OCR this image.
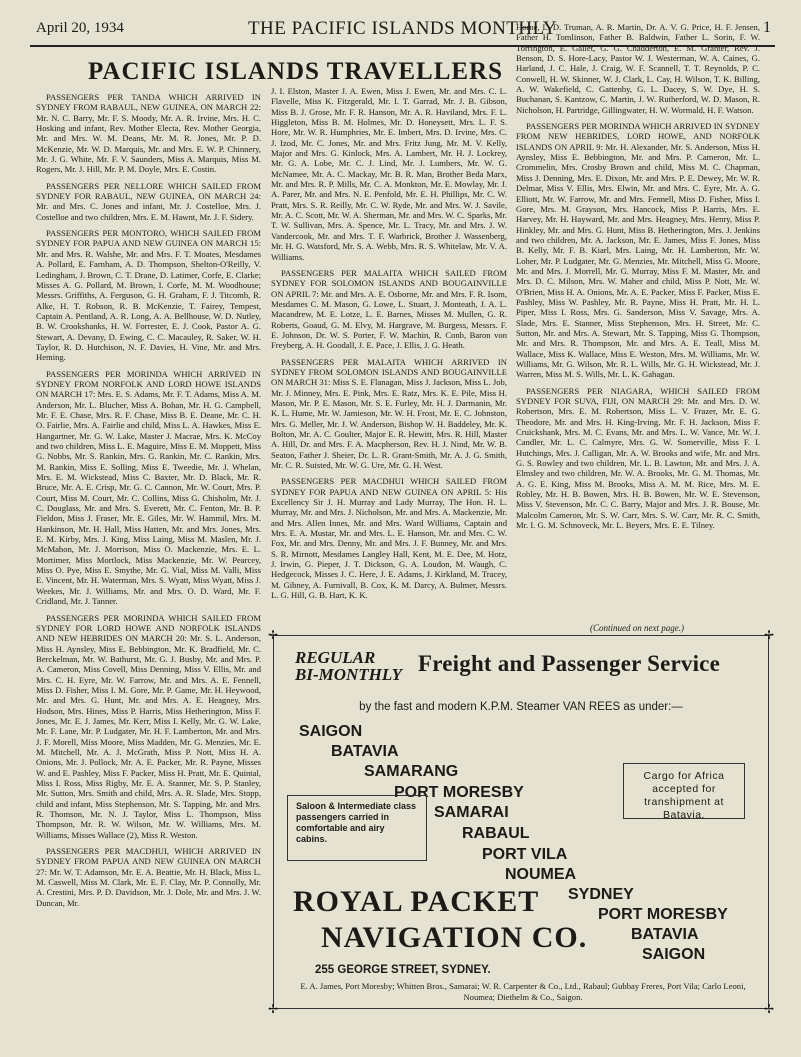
April 20, 1934	THE PACIFIC ISLANDS MONTHLY	1
PACIFIC ISLANDS TRAVELLERS

PASSENGERS PER TANDA WHICH ARRIVED IN SYDNEY FROM RABAUL, NEW GUINEA, ON MARCH 22: Mr. N. C. Barry, Mr. F. S. Moody, Mr. A. R. Irvine, Mrs. H. C. Hosking and infant, Rev. Mother Electa, Rev. Mother Georgia, Mr. and Mrs. W. M. Deans, Mr. M. R. Jones, Mr. P. D. McKenzie, Mr. W. D. Marquis, Mr. and Mrs. E. W. P. Chinnery, Mr. J. G. White, Mr. F. V. Saunders, Miss A. Marquis, Miss M. Rogers, Mr. J. Hill, Mr. P. M. Doyle, Mrs. E. Costin.

PASSENGERS PER NELLORE WHICH SAILED FROM SYDNEY FOR RABAUL, NEW GUINEA, ON MARCH 24: Mr. and Mrs. C. Jones and infant, Mr. J. Costelloe, Mrs. J. Costelloe and two children, Mrs. E. M. Hawnt, Mr. J. F. Sidery.

PASSENGERS PER MONTORO, WHICH SAILED FROM SYDNEY FOR PAPUA AND NEW GUINEA ON MARCH 15: Mr. and Mrs. R. Walshe, Mr. and Mrs. F. T. Moates, Mesdames A. Pollard, E. Farnham, A. D. Thompson, Shelton-O'Reilly, V. Ledingham, J. Brown, C. T. Drane, D. Latimer, Corfe, E. Clarke; Misses A. G. Pollard, M. Brown, I. Corfe, M. M. Woodhouse; Messrs. Griffiths, A. Ferguson, G. H. Graham, F. J. Titcomb, R. Alke, H. T. Robson, R. B. McKenzie, T. Fairey, Tempest, Captain A. Pentland, A. R. Long, A. A. Bellhouse, W. D. Nutley, B. W. Crookshanks, H. W. Forrester, E. J. Cook, Pastor A. G. Stewart, A. Devany, D. Ewing, C. C. Macauley, R. Saker, W. H. Taylor, R. D. Hutchison, N. F. Davies, H. Vine, Mr. and Mrs. Heming.

PASSENGERS PER MORINDA WHICH ARRIVED IN SYDNEY FROM NORFOLK AND LORD HOWE ISLANDS ON MARCH 17: Mrs. E. S. Adams, Mr. F. T. Adams, Miss A. M. Anderson, Mr. L. Blucher, Miss A. Bohan, Mr. H. G. Campbell, Mr. F. E. Chase, Mrs. R. F. Chase, Miss B. E. Deane, Mr. C. H. O. Fairlie, Mrs. A. Fairlie and child, Miss L. A. Hawkes, Miss E. Hangartner, Mr. G. W. Lake, Master J. Macrae, Mrs. K. McCoy and two children, Miss L. E. Maguire, Miss E. M. Moppett, Miss G. Nobbs, Mr. S. Rankin, Mrs. G. Rankin, Mr. C. Rankin, Mrs. M. Rankin, Miss E. Solling, Miss E. Tweedie, Mr. J. Whelan, Mrs. E. M. Wickstead, Miss C. Baxter, Mr. D. Black, Mr. R. Bruce, Mr. A. E. Crisp, Mr. G. C. Cannon, Mr. W. Court, Mrs. P. Court, Miss M. Court, Mr. C. Collins, Miss G. Chisholm, Mr. J. C. Douglass, Mr. and Mrs. S. Everett, Mr. C. Fenton, Mr. B. P. Fieldon, Miss J. Fraser, Mr. E. Giles, Mr. W. Hammil, Mrs. M. Hankinson, Mr. H. Hall, Miss Hatten, Mr. and Mrs. Jones, Mrs. E. M. Kirby, Mrs. J. King, Miss Laing, Miss M. Maslen, Mr. J. McMahon, Mr. J. Morrison, Miss O. Mackenzie, Mrs. E. L. Mortimer, Miss Mortlock, Miss Mackenzie, Mr. W. Pearcey, Miss O. Pye, Miss E. Smythe, Mr. G. Vial, Miss M. Valli, Miss E. Vincent, Mr. H. Waterman, Mrs. S. Wyatt, Miss Wyatt, Miss J. Weekes, Mr. J. Williams, Mr. and Mrs. O. D. Ward, Mr. F. Cridland, Mr. J. Tanner.

PASSENGERS PER MORINDA WHICH SAILED FROM SYDNEY FOR LORD HOWE AND NORFOLK ISLANDS AND NEW HEBRIDES ON MARCH 20: Mr. S. L. Anderson, Miss H. Aynsley, Miss E. Bebbington, Mr. K. Bradfield, Mr. C. Berckelman, Mr. W. Bathurst, Mr. G. J. Busby, Mr. and Mrs. P. A. Cameron, Miss Covell, Miss Denning, Miss V. Ellis, Mr. and Mrs. C. H. Eyre, Mr. W. Farrow, Mr. and Mrs. A. E. Fennell, Miss D. Fisher, Miss I. M. Gore, Mr. P. Game, Mr. H. Heywood, Mr. and Mrs. G. Hunt, Mr. and Mrs. A. E. Heagney, Mrs. Hodson, Mrs. Hines, Miss P. Harris, Miss Hetherington, Miss F. Jones, Mr. E. J. James, Mr. Kerr, Miss I. Kelly, Mr. G. W. Lake, Mr. F. Lane, Mr. P. Ludgater, Mr. H. F. Lamberton, Mr. and Mrs. J. F. Morell, Miss Moore, Miss Madden, Mr. G. Menzies, Mr. E. M. Mitchell, Mr. A. J. McGrath, Miss P. Nott, Miss H. A. Onions, Mr. J. Pollock, Mr. A. E. Packer, Mr. R. Payne, Misses W. and E. Pashley, Miss F. Packer, Miss H. Pratt, Mr. E. Quintal, Miss I. Ross, Miss Rigby, Mr. E. A. Stanner, Mr. S. P. Stanley, Mr. Sutton, Mrs. Smith and child, Mrs. A. R. Slade, Mrs. Stopp, child and infant, Miss Stephenson, Mr. S. Tapping, Mr. and Mrs. R. Thomson, Mr. N. J. Taylor, Miss L. Thompson, Miss Thompson, Mr. R. W. Wilson, Mr. W. Williams, Mrs. M. Williams, Misses Wallace (2), Miss R. Weston.

PASSENGERS PER MACDHUI, WHICH ARRIVED IN SYDNEY FROM PAPUA AND NEW GUINEA ON MARCH 27: Mr. W. T. Adamson, Mr. E. A. Beattie, Mr. H. Black, Miss L. M. Caswell, Miss M. Clark, Mr. E. F. Clay, Mr. P. Connolly, Mr. A. Crestini, Mrs. P. D. Davidson, Mr. J. Dole, Mr. and Mrs. J. W. Duncan, Mr.

J. I. Elston, Master J. A. Ewen, Miss J. Ewen, Mr. and Mrs. C. L. Flavelle, Miss K. Fitzgerald, Mr. I. T. Garrad, Mr. J. B. Gibson, Miss B. J. Grose, Mr. F. R. Hanson, Mr. A. R. Haviland, Mrs. F. L. Higgleton, Miss B. M. Holmes, Mr. D. Honeysett, Mrs. L. F. S. Hore, Mr. W. R. Humphries, Mr. E. Imbert, Mrs. D. Irvine, Mrs. C. J. Izod, Mr. C. Jones, Mr. and Mrs. Fritz Jung, Mr. M. V. Kelly, Major and Mrs. G. Kinlock, Mrs. A. Lambert, Mr. H. J. Lockrey, Mr. G. A. Lobe, Mr. C. J. Lind, Mr. J. Lumbers, Mr. W. G. McNamee, Mr. A. C. Mackay, Mr. B. R. Man, Brother Beda Marx, Mr. and Mrs. R. P. Mills, Mr. C. A. Monkton, Mr. E. Mowlay, Mr. J. A. Parer, Mr. and Mrs. N. E. Penfold, Mr. E. H. Phillips, Mr. C. W. Pratt, Mrs. S. R. Reilly, Mr. C. W. Ryde, Mr. and Mrs. W. J. Savile, Mr. A. C. Scott, Mr. W. A. Sherman, Mr. and Mrs. W. C. Sparks, Mr. T. W. Sullivan, Mrs. A. Spence, Mr. L. Tracy, Mr. and Mrs. J. W. Vandercook, Mr. and Mrs. T. F. Warbrick, Brother J. Wassenberg, Mr. H. G. Watsford, Mr. S. A. Webb, Mrs. R. S. Whitelaw, Mr. V. A. Williams.

PASSENGERS PER MALAITA WHICH SAILED FROM SYDNEY FOR SOLOMON ISLANDS AND BOUGAINVILLE ON APRIL 7: Mr. and Mrs. A. E. Osborne, Mr. and Mrs. F. R. Isom, Mesdames C. M. Mason, G. Lowe, L. Stuart, J. Monteath, J. A. L. Macandrew, M. E. Lotze, L. E. Barnes, Misses M. Mullen, G. R. Roberts, Goaud, G. M. Elvy, M. Hargrave, M. Burgess, Messrs. F. E. Johnson, Dr. W. S. Porter, F. W. Machin, R. Conb, Baron von Freyberg, A. H. Goodall, J. E. Pace, J. Ellis, J. G. Heath.

PASSENGERS PER MALAITA WHICH ARRIVED IN SYDNEY FROM SOLOMON ISLANDS AND BOUGAINVILLE ON MARCH 31: Miss S. E. Flanagan, Miss J. Jackson, Miss L. Job, Mr. J. Minney, Mrs. E. Pink, Mrs. E. Ratz, Mrs. K. E. Pile, Miss H. Mason, Mr. P. E. Mason, Mr. S. E. Furley, Mr. H. J. Darmanin, Mr. K. L. Hume, Mr. W. Jamieson, Mr. W. H. Frost, Mr. E. C. Johnston, Mrs. G. Meller, Mr. J. W. Anderson, Bishop W. H. Baddeley, Mr. K. Bolton, Mr. A. C. Goulter, Major E. R. Hewitt, Mrs. R. Hill, Master A. Hill, Dr. and Mrs. F. A. Macpherson, Rev. H. J. Nind, Mr. W. B. Seaton, Father J. Sheier, Dr. L. R. Grant-Smith, Mr. A. J. G. Smith, Mr. C. R. Suisted, Mr. W. G. Ure, Mr. G. H. West.

PASSENGERS PER MACDHUI WHICH SAILED FROM SYDNEY FOR PAPUA AND NEW GUINEA ON APRIL 5: His Excellency Sir J. H. Murray and Lady Murray, The Hon. H. L. Murray, Mr. and Mrs. J. Nicholson, Mr. and Mrs. A. Mackenzie, Mr. and Mrs. Allen Innes, Mr. and Mrs. Ward Williams, Captain and Mrs. E. A. Mustar, Mr. and Mrs. L. E. Hanson, Mr. and Mrs. C. W. Fox, Mr. and Mrs. Denny, Mr. and Mrs. J. F. Bunney, Mr. and Mrs. S. R. Mirnott, Mesdames Langley Hall, Kent, M. E. Dee, M. Hotz, J. Irwin, G. Pieper, J. T. Dickson, G. A. Loudon, M. Waugh, C. Hedgecock, Misses J. C. Here, J. E. Adams, J. Kirkland, M. Tracey, M. Gibney, A. Furnivall, B. Cox, K. M. Darcy, A. Bulmer, Messrs. L. G. Hill, G. B. Hart, K. K.

Horne, L. D. Truman, A. R. Martin, Dr. A. V. G. Price, H. F. Jensen, Father H. Tomlinson, Father B. Baldwin, Father L. Sorin, F. W. Torrington, E. Gallet, G. G. Chadderton, E. M. Granter, Rev. J. Benson, D. S. Hore-Lacy, Pastor W. J. Westerman, W. A. Caines, G. Harland, J. C. Hale, J. Craig, W. F. Scannell, T. T. Reynolds, P. C. Conwell, H. W. Skinner, W. J. Clark, L. Cay, H. Wilson, T. K. Billing, A. W. Wakefield, C. Gattenby, G. L. Dacey, S. W. Dye, H. S. Buchanan, S. Kantzow, C. Martin, J. W. Rutherford, W. D. Mason, R. Nicholson, H. Partridge, Gillingwater, H. W. Wormald, H. F. Watson.

PASSENGERS PER MORINDA WHICH ARRIVED IN SYDNEY FROM NEW HEBRIDES, LORD HOWE, AND NORFOLK ISLANDS ON APRIL 9: Mr. H. Alexander, Mr. S. Anderson, Miss H. Aynsley, Miss E. Bebbington, Mr. and Mrs. P. Cameron, Mr. L. Crommelin, Mrs. Crosby Brown and child, Miss M. C. Chapman, Miss J. Denning, Mrs. E. Dixon, Mr. and Mrs. P. E. Dewey, Mr. W. R. Delmar, Miss V. Ellis, Mrs. Elwin, Mr. and Mrs. C. Eyre, Mr. A. G. Elliott, Mr. W. Farrow, Mr. and Mrs. Fennell, Miss D. Fisher, Miss I. Gore, Mrs. M. Grayson, Mrs. Hancock, Miss P. Harris, Mrs. E. Harvey, Mr. H. Hayward, Mr. and Mrs. Heagney, Mrs. Henry, Miss P. Hinkley, Mr. and Mrs. G. Hunt, Miss B. Hetherington, Mrs. J. Jenkins and two children, Mr. A. Jackson, Mr. E. James, Miss F. Jones, Miss B. Kelly, Mr. F. B. Kiarl, Mrs. Laing, Mr. H. Lamberton, Mr. W. Loher, Mr. P. Ludgater, Mr. G. Menzies, Mr. Mitchell, Miss G. Moore, Mr. and Mrs. J. Morrell, Mr. G. Murray, Miss F. M. Master, Mr. and Mrs. D. C. Milson, Mrs. W. Maher and child, Miss P. Nott, Mr. W. O'Brien, Miss H. A. Onions, Mr. A. E. Packer, Miss F. Packer, Miss E. Pashley, Miss W. Pashley, Mr. R. Payne, Miss H. Pratt, Mr. H. L. Piper, Miss I. Ross, Mrs. G. Sanderson, Miss V. Savage, Mrs. A. Slade, Mrs. E. Stanner, Miss Stephenson, Mrs. H. Street, Mr. C. Sutton, Mr. and Mrs. A. Stewart, Mr. S. Tapping, Miss G. Thompson, Mr. and Mrs. R. Thompson, Mr. and Mrs. A. E. Teall, Miss M. Wallace, Miss K. Wallace, Miss E. Weston, Mrs. M. Williams, Mr. W. Williams, Mr. G. Wilson, Mr. R. L. Wills, Mr. G. H. Wickstead, Mr. J. Warren, Miss M. S. Wills, Mr. L. K. Gahagan.

PASSENGERS PER NIAGARA, WHICH SAILED FROM SYDNEY FOR SUVA, FIJI, ON MARCH 29: Mr. and Mrs. D. W. Robertson, Mrs. E. M. Robertson, Miss L. V. Frazer, Mr. E. G. Theodore, Mr. and Mrs. H. King-Irving, Mr. F. H. Jackson, Miss F. Cruickshank, Mrs. M. C. Evans, Mr. and Mrs. L. W. Vance, Mr. W. J. Candler, Mr. L. C. Calmyre, Mrs. G. W. Somerville, Miss F. I. Hutchings, Mrs. J. Calligan, Mr. A. W. Brooks and wife, Mr. and Mrs. G. S. Rowley and two children, Mr. L. B. Lawton, Mr. and Mrs. J. A. Elmsley and two children, Mr. W. A. Brooks, Mr. G. M. Thomas, Mr. A. G. E. King, Miss M. Brooks, Miss A. M. M. Rice, Mrs. M. E. Robley, Mr. H. B. Bowen, Mrs. H. B. Bowen, Mr. W. E. Stevenson, Miss V. Stevenson, Mr. C. C. Barry, Major and Mrs. J. R. Bouse, Mr. Malcolm Cameron, Mr. S. W. Carr, Mrs. S. W. Carr, Mr. R. C. Smith, Mr. I. G. M. Schnoveck, Mr. L. Beyers, Mrs. E. E. Tilney.

(Continued on next page.)
✢	✢
✢	✢
REGULAR
BI-MONTHLY Freight and Passenger Service
by the fast and modern K.P.M. Steamer VAN REES as under:—
SAIGON
BATAVIA
SAMARANG
PORT MORESBY
SAMARAI
RABAUL
PORT VILA
NOUMEA
SYDNEY
PORT MORESBY
BATAVIA
SAIGON
Saloon & Intermediate class passengers carried in comfortable and airy cabins.
Cargo for Africa accepted for transhipment at Batavia.
ROYAL PACKET
NAVIGATION CO.
255 GEORGE STREET, SYDNEY.
E. A. James, Port Moresby; Whitten Bros., Samarai; W. R. Carpenter & Co., Ltd., Rabaul; Gubbay Freres, Port Vila; Carlo Leoni, Noumea; Diethelm & Co., Saigon.
